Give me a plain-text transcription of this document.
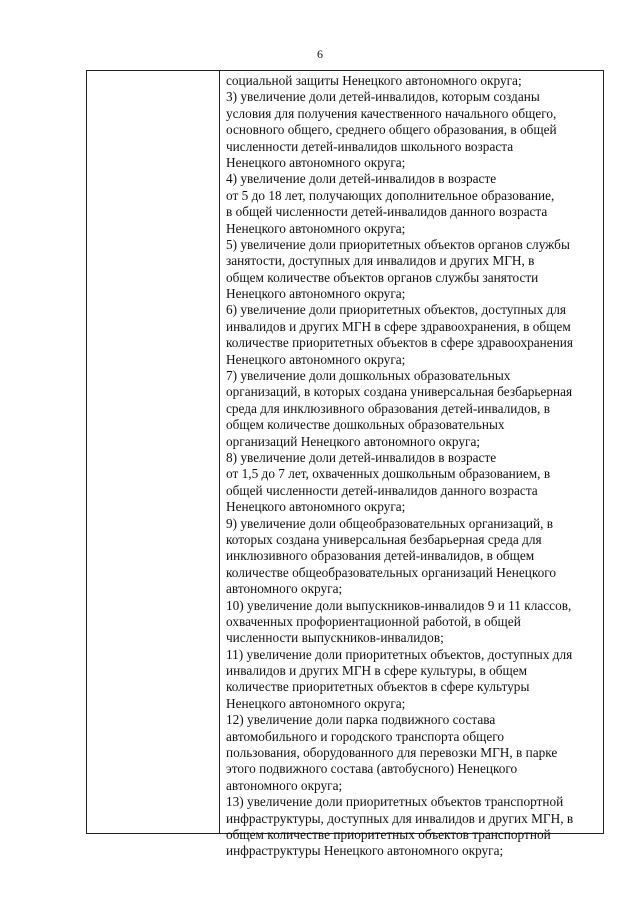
6
социальной защиты Ненецкого автономного округа;
3) увеличение доли детей-инвалидов, которым созданы
условия для получения качественного начального общего,
основного общего, среднего общего образования, в общей
численности детей-инвалидов школьного возраста
Ненецкого автономного округа;
4) увеличение доли детей-инвалидов в возрасте
от 5 до 18 лет, получающих дополнительное образование,
в общей численности детей-инвалидов данного возраста
Ненецкого автономного округа;
5) увеличение доли приоритетных объектов органов службы
занятости, доступных для инвалидов и других МГН, в
общем количестве объектов органов службы занятости
Ненецкого автономного округа;
6) увеличение доли приоритетных объектов, доступных для
инвалидов и других МГН в сфере здравоохранения, в общем
количестве приоритетных объектов в сфере здравоохранения
Ненецкого автономного округа;
7) увеличение доли дошкольных образовательных
организаций, в которых создана универсальная безбарьерная
среда для инклюзивного образования детей-инвалидов, в
общем количестве дошкольных образовательных
организаций Ненецкого автономного округа;
8) увеличение доли детей-инвалидов в возрасте
от 1,5 до 7 лет, охваченных дошкольным образованием, в
общей численности детей-инвалидов данного возраста
Ненецкого автономного округа;
9) увеличение доли общеобразовательных организаций, в
которых создана универсальная безбарьерная среда для
инклюзивного образования детей-инвалидов, в общем
количестве общеобразовательных организаций Ненецкого
автономного округа;
10) увеличение доли выпускников-инвалидов 9 и 11 классов,
охваченных профориентационной работой, в общей
численности выпускников-инвалидов;
11) увеличение доли приоритетных объектов, доступных для
инвалидов и других МГН в сфере культуры, в общем
количестве приоритетных объектов в сфере культуры
Ненецкого автономного округа;
12) увеличение доли парка подвижного состава
автомобильного и городского транспорта общего
пользования, оборудованного для перевозки МГН, в парке
этого подвижного состава (автобусного) Ненецкого
автономного округа;
13) увеличение доли приоритетных объектов транспортной
инфраструктуры, доступных для инвалидов и других МГН, в
общем количестве приоритетных объектов транспортной
инфраструктуры Ненецкого автономного округа;
